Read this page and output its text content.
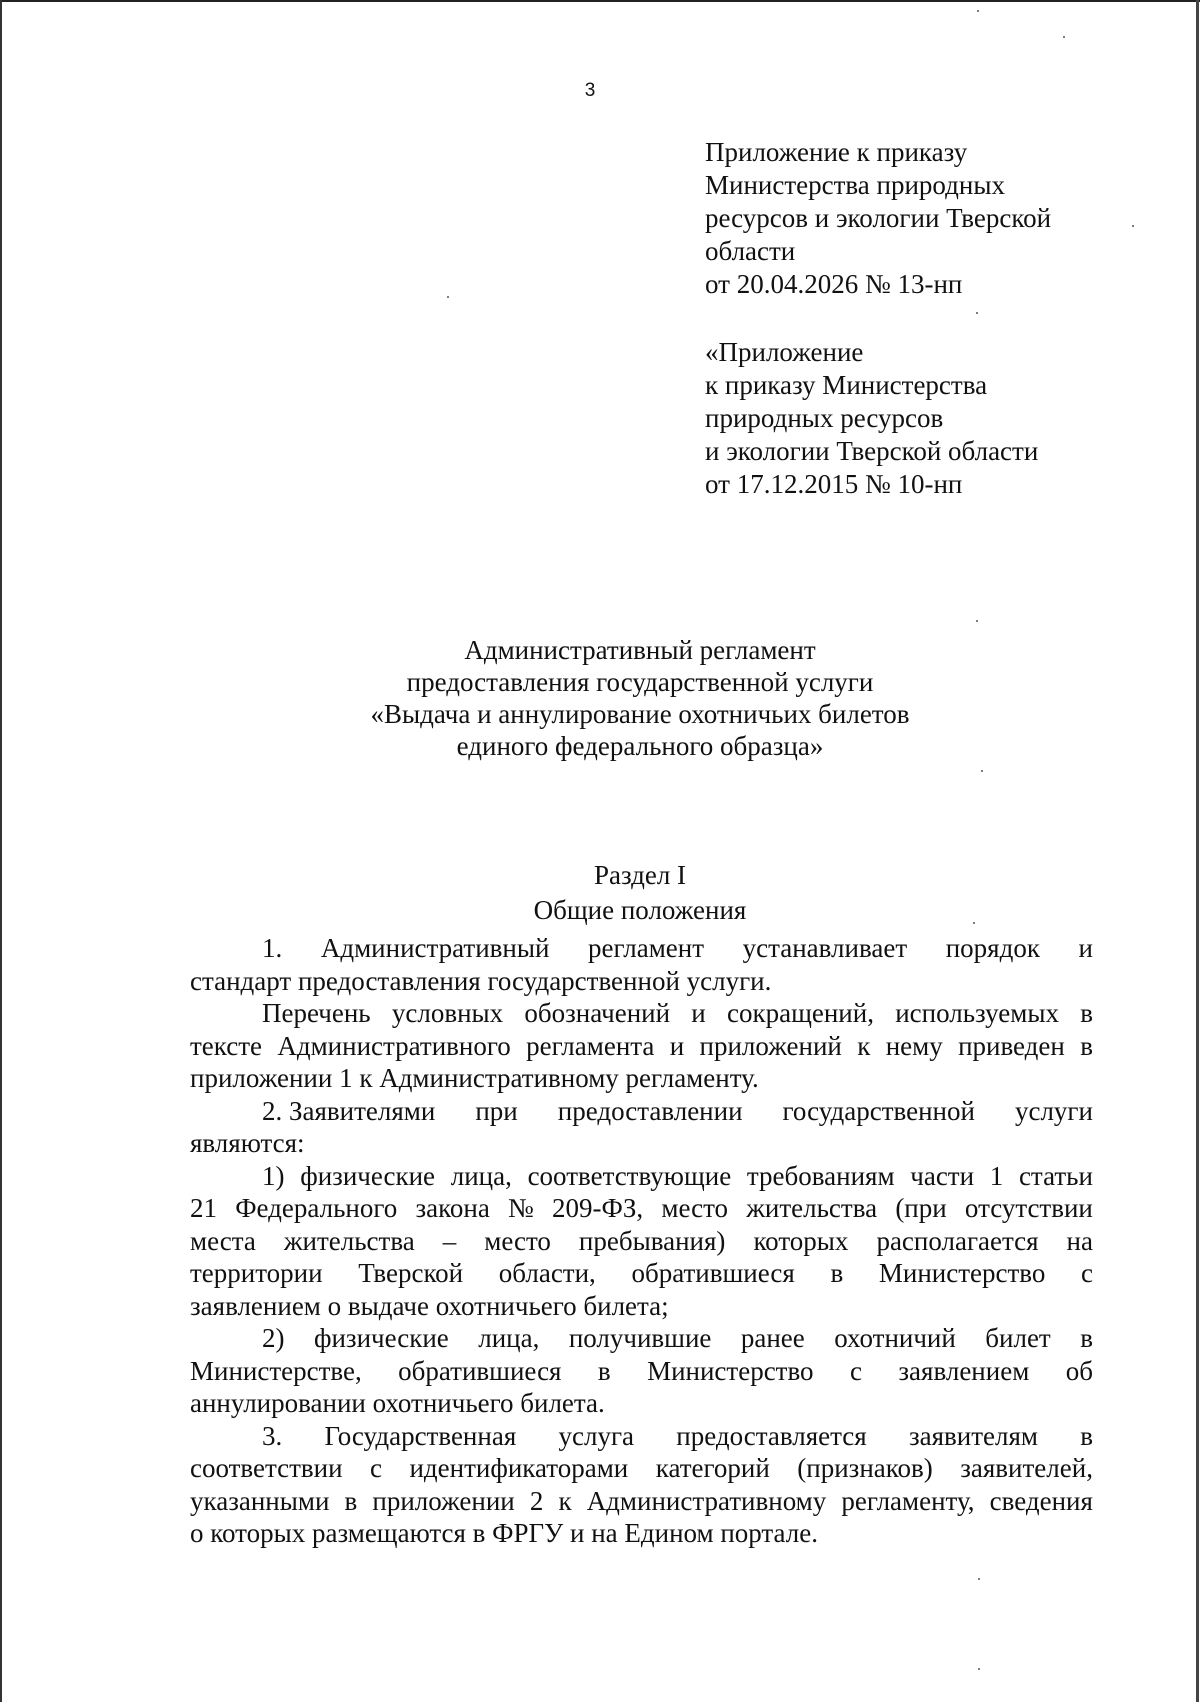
3
Приложение к приказу
Министерства природных
ресурсов и экологии Тверской
области
от 20.04.2026 № 13-нп
«Приложение
к приказу Министерства
природных ресурсов
и экологии Тверской области
от 17.12.2015 № 10-нп
Административный регламент
предоставления государственной услуги
«Выдача и аннулирование охотничьих билетов
единого федерального образца»
Раздел I
Общие положения
1. Административный регламент устанавливает порядок и
стандарт предоставления государственной услуги.
Перечень условных обозначений и сокращений, используемых в
тексте Административного регламента и приложений к нему приведен в
приложении 1 к Административному регламенту.
2. Заявителями при предоставлении государственной услуги
являются:
1) физические лица, соответствующие требованиям части 1 статьи
21 Федерального закона № 209-ФЗ, место жительства (при отсутствии
места жительства – место пребывания) которых располагается на
территории Тверской области, обратившиеся в Министерство с
заявлением о выдаче охотничьего билета;
2) физические лица, получившие ранее охотничий билет в
Министерстве, обратившиеся в Министерство с заявлением об
аннулировании охотничьего билета.
3. Государственная услуга предоставляется заявителям в
соответствии с идентификаторами категорий (признаков) заявителей,
указанными в приложении 2 к Административному регламенту, сведения
о которых размещаются в ФРГУ и на Едином портале.
